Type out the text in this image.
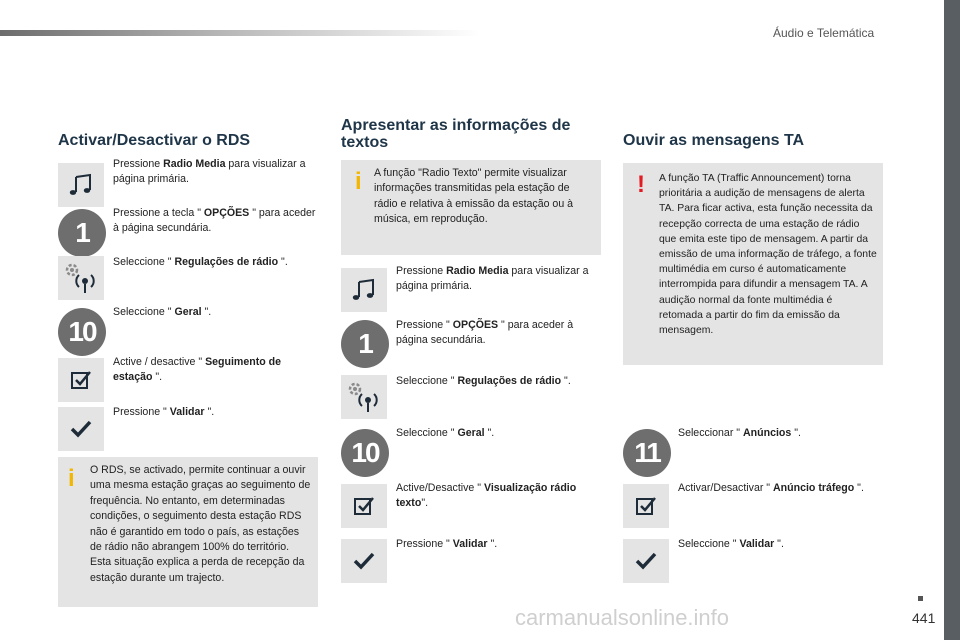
Áudio e Telemática
Activar/Desactivar o RDS
Pressione Radio Media para visualizar a página primária.
1
Pressione a tecla " OPÇÕES " para aceder à página secundária.
Seleccione " Regulações de rádio ".
10
Seleccione " Geral ".
Active / desactive " Seguimento de estação ".
Pressione " Validar ".
i O RDS, se activado, permite continuar a ouvir uma mesma estação graças ao seguimento de frequência. No entanto, em determinadas condições, o seguimento desta estação RDS não é garantido em todo o país, as estações de rádio não abrangem 100% do território. Esta situação explica a perda de recepção da estação durante um trajecto.
Apresentar as informações de textos
i A função "Radio Texto" permite visualizar informações transmitidas pela estação de rádio e relativa à emissão da estação ou à música, em reprodução.
Pressione Radio Media para visualizar a página primária.
1
Pressione " OPÇÕES " para aceder à página secundária.
Seleccione " Regulações de rádio ".
10
Seleccione " Geral ".
Active/Desactive " Visualização rádio texto".
Pressione " Validar ".
Ouvir as mensagens TA
! A função TA (Traffic Announcement) torna prioritária a audição de mensagens de alerta TA. Para ficar activa, esta função necessita da recepção correcta de uma estação de rádio que emita este tipo de mensagem. A partir da emissão de uma informação de tráfego, a fonte multimédia em curso é automaticamente interrompida para difundir a mensagem TA. A audição normal da fonte multimédia é retomada a partir do fim da emissão da mensagem.
11
Seleccionar " Anúncios ".
Activar/Desactivar " Anúncio tráfego ".
Seleccione " Validar ".
carmanualsonline.info	441
